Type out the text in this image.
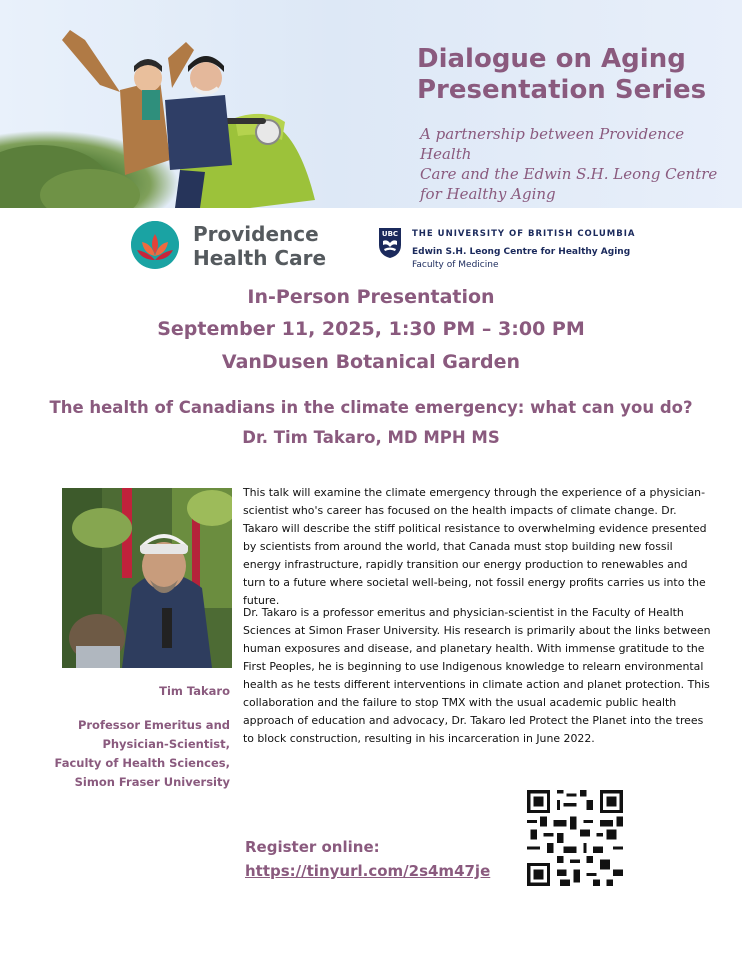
Dialogue on Aging
Presentation Series

A partnership between Providence Health
Care and the Edwin S.H. Leong Centre
for Healthy Aging

Providence
Health Care
UBC THE UNIVERSITY OF BRITISH COLUMBIA
Edwin S.H. Leong Centre for Healthy Aging
Faculty of Medicine

In-Person Presentation

September 11, 2025, 1:30 PM – 3:00 PM

VanDusen Botanical Garden

The health of Canadians in the climate emergency: what can you do?

Dr. Tim Takaro, MD MPH MS

Tim Takaro

Professor Emeritus and
Physician-Scientist,
Faculty of Health Sciences,
Simon Fraser University

This talk will examine the climate emergency through the experience of a physician-scientist who's career has focused on the health impacts of climate change. Dr. Takaro will describe the stiff political resistance to overwhelming evidence presented by scientists from around the world, that Canada must stop building new fossil energy infrastructure, rapidly transition our energy production to renewables and turn to a future where societal well-being, not fossil energy profits carries us into the future.

Dr. Takaro is a professor emeritus and physician-scientist in the Faculty of Health Sciences at Simon Fraser University. His research is primarily about the links between human exposures and disease, and planetary health. With immense gratitude to the First Peoples, he is beginning to use Indigenous knowledge to relearn environmental health as he tests different interventions in climate action and planet protection. This collaboration and the failure to stop TMX with the usual academic public health approach of education and advocacy, Dr. Takaro led Protect the Planet into the trees to block construction, resulting in his incarceration in June 2022.

Register online:

https://tinyurl.com/2s4m47je
